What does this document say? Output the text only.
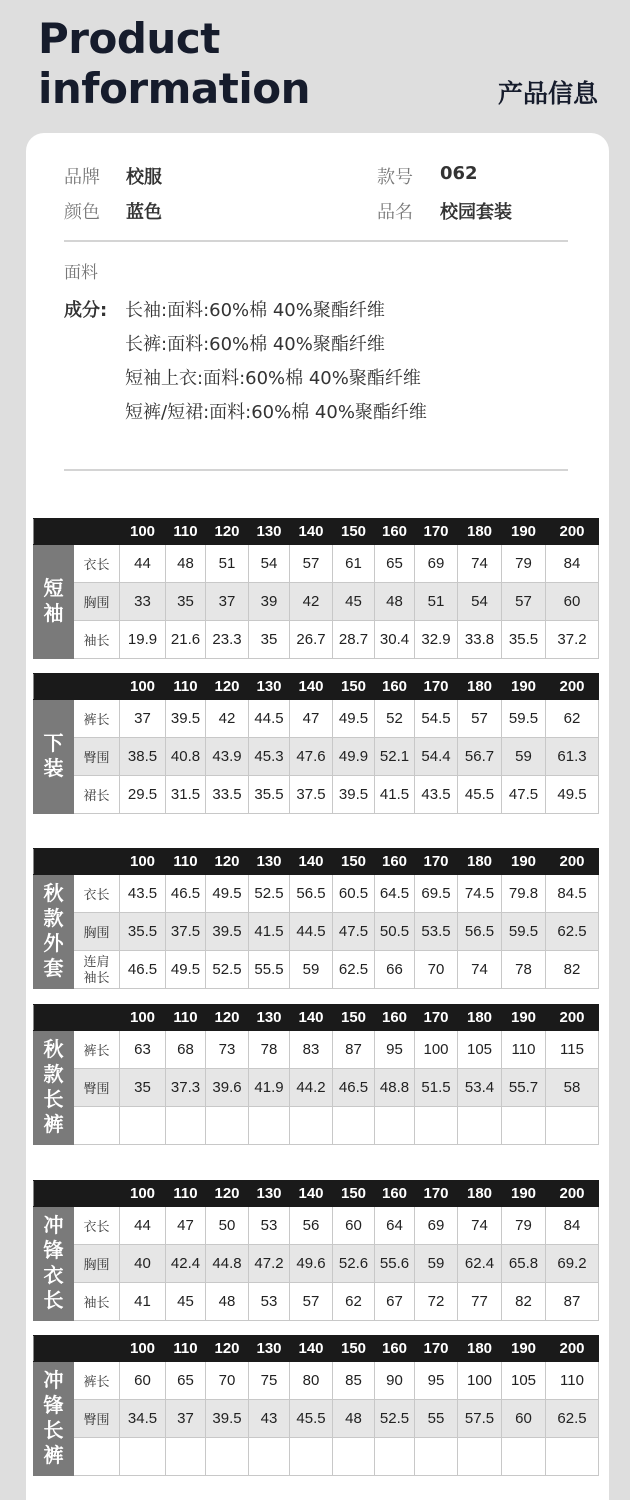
Product
information	产品信息
品牌 校服	款号 062
颜色 蓝色	品名 校园套装
面料
成分: 长袖:面料:60%棉 40%聚酯纤维
长裤:面料:60%棉 40%聚酯纤维
短袖上衣:面料:60%棉 40%聚酯纤维
短裤/短裙:面料:60%棉 40%聚酯纤维
		100	110	120	130	140	150	160	170	180	190	200

短
袖	衣长	44	48	51	54	57	61	65	69	74	79	84
	胸围	33	35	37	39	42	45	48	51	54	57	60
	袖长	19.9	21.6	23.3	35	26.7	28.7	30.4	32.9	33.8	35.5	37.2
		100	110	120	130	140	150	160	170	180	190	200

下
装	裤长	37	39.5	42	44.5	47	49.5	52	54.5	57	59.5	62
	臀围	38.5	40.8	43.9	45.3	47.6	49.9	52.1	54.4	56.7	59	61.3
	裙长	29.5	31.5	33.5	35.5	37.5	39.5	41.5	43.5	45.5	47.5	49.5
		100	110	120	130	140	150	160	170	180	190	200

秋
款
外
套	衣长	43.5	46.5	49.5	52.5	56.5	60.5	64.5	69.5	74.5	79.8	84.5
	胸围	35.5	37.5	39.5	41.5	44.5	47.5	50.5	53.5	56.5	59.5	62.5
	连肩袖长	46.5	49.5	52.5	55.5	59	62.5	66	70	74	78	82
		100	110	120	130	140	150	160	170	180	190	200

秋
款
长
裤	裤长	63	68	73	78	83	87	95	100	105	110	115
	臀围	35	37.3	39.6	41.9	44.2	46.5	48.8	51.5	53.4	55.7	58

		100	110	120	130	140	150	160	170	180	190	200

冲
锋
衣
长	衣长	44	47	50	53	56	60	64	69	74	79	84
	胸围	40	42.4	44.8	47.2	49.6	52.6	55.6	59	62.4	65.8	69.2
	袖长	41	45	48	53	57	62	67	72	77	82	87
		100	110	120	130	140	150	160	170	180	190	200

冲
锋
长
裤	裤长	60	65	70	75	80	85	90	95	100	105	110
	臀围	34.5	37	39.5	43	45.5	48	52.5	55	57.5	60	62.5
